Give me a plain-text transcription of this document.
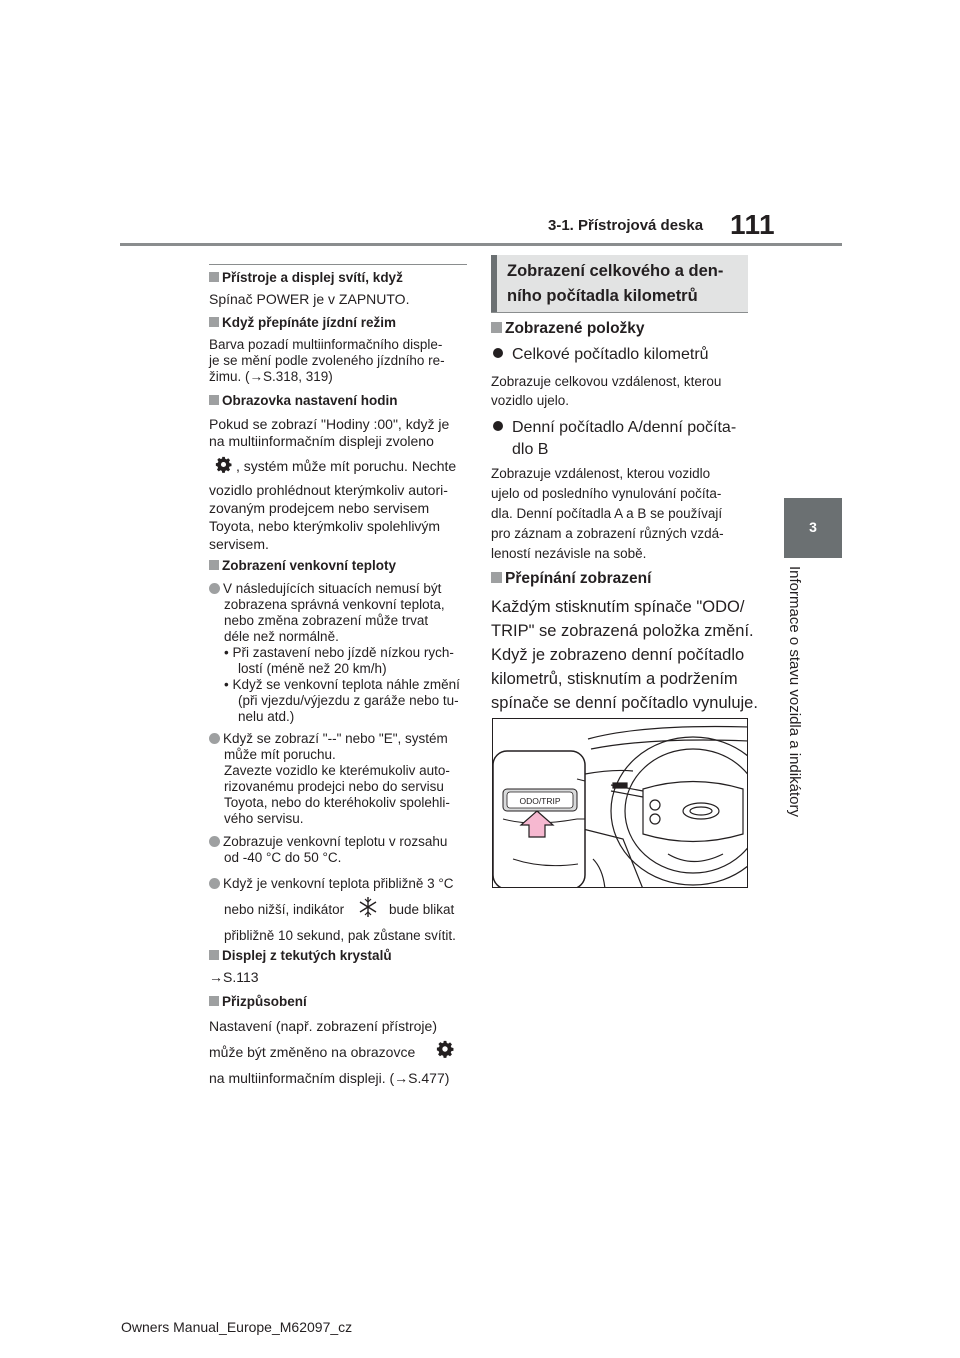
3-1. Přístrojová deska 111
3
Informace o stavu vozidla a indikátory
Přístroje a displej svítí, když
Spínač POWER je v ZAPNUTO.
Když přepínáte jízdní režim
Barva pozadí multiinformačního disple-
je se mění podle zvoleného jízdního re-
žimu. (→S.318, 319)
Obrazovka nastavení hodin
Pokud se zobrazí "Hodiny :00", když je
na multiinformačním displeji zvoleno
, systém může mít poruchu. Nechte
vozidlo prohlédnout kterýmkoliv autori-
zovaným prodejcem nebo servisem
Toyota, nebo kterýmkoliv spolehlivým
servisem.
Zobrazení venkovní teploty
V následujících situacích nemusí být
zobrazena správná venkovní teplota,
nebo změna zobrazení může trvat
déle než normálně.
• Při zastavení nebo jízdě nízkou rych-
lostí (méně než 20 km/h)
• Když se venkovní teplota náhle změní
(při vjezdu/výjezdu z garáže nebo tu-
nelu atd.)
Když se zobrazí "--" nebo "E", systém
může mít poruchu.
Zavezte vozidlo ke kterémukoliv auto-
rizovanému prodejci nebo do servisu
Toyota, nebo do kteréhokoliv spolehli-
vého servisu.
Zobrazuje venkovní teplotu v rozsahu
od -40 °C do 50 °C.
Když je venkovní teplota přibližně 3 °C
nebo nižší, indikátor	bude blikat
přibližně 10 sekund, pak zůstane svítit.
Displej z tekutých krystalů
→S.113
Přizpůsobení
Nastavení (např. zobrazení přístroje)
může být změněno na obrazovce
na multiinformačním displeji. (→S.477)
Zobrazení celkového a den-
ního počítadla kilometrů
Zobrazené položky
Celkové počítadlo kilometrů
Zobrazuje celkovou vzdálenost, kterou
vozidlo ujelo.
Denní počítadlo A/denní počíta-
dlo B
Zobrazuje vzdálenost, kterou vozidlo
ujelo od posledního vynulování počíta-
dla. Denní počítadla A a B se používají
pro záznam a zobrazení různých vzdá-
leností nezávisle na sobě.
Přepínání zobrazení
Každým stisknutím spínače "ODO/
TRIP" se zobrazená položka změní.
Když je zobrazeno denní počítadlo
kilometrů, stisknutím a podržením
spínače se denní počítadlo vynuluje.
ODO/TRIP
Owners Manual_Europe_M62097_cz
